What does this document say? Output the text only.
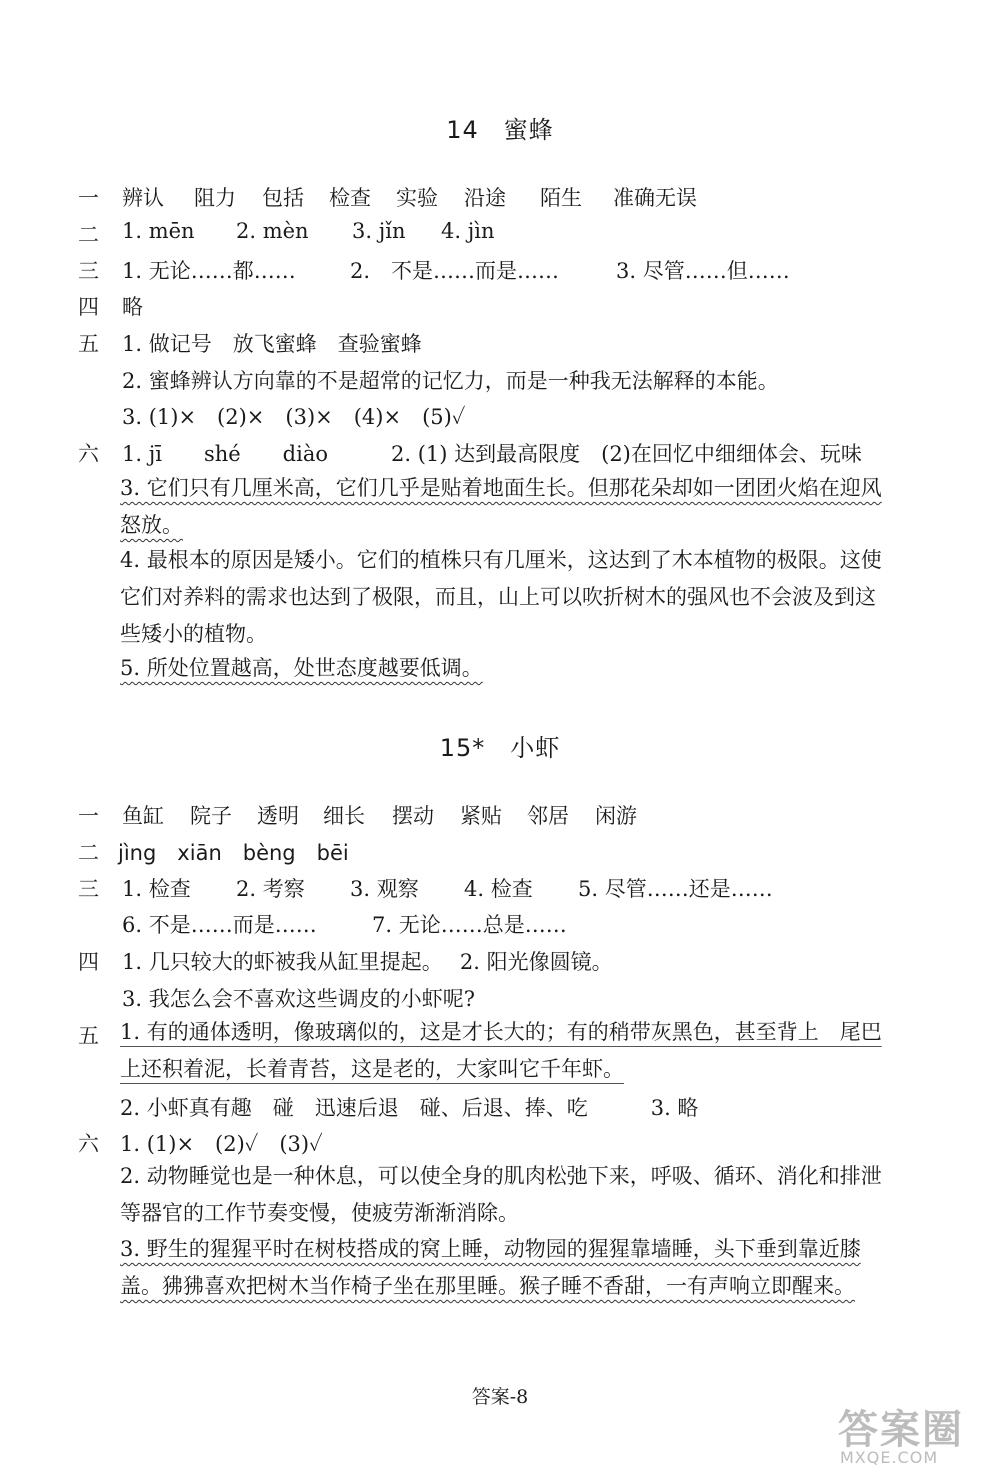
14　蜜蜂
一 辨认 阻力 包括 检查 实验 沿途 陌生 准确无误
二 1. mēn 2. mèn 3. jǐn 4. jìn
三 1. 无论……都……	2.　不是……而是……	3. 尽管……但……
四 略
五 1. 做记号　放飞蜜蜂　查验蜜蜂
2. 蜜蜂辨认方向靠的不是超常的记忆力，而是一种我无法解释的本能。
3. (1)×　(2)×　(3)×　(4)×　(5)✓
六 1. jī　　shé　　diào　　　2. (1) 达到最高限度　(2)在回忆中细细体会、玩味
3. 它们只有几厘米高，它们几乎是贴着地面生长。但那花朵却如一团团火焰在迎风怒放。
4. 最根本的原因是矮小。它们的植株只有几厘米，这达到了木本植物的极限。这使它们对养料的需求也达到了极限，而且，山上可以吹折树木的强风也不会波及到这些矮小的植物。
5. 所处位置越高，处世态度越要低调。
15*　小虾
一 鱼缸 院子 透明 细长 摆动 紧贴 邻居 闲游
二 jìng　xiān　bèng　bēi
三 1. 检查 2. 考察 3. 观察 4. 检查 5. 尽管……还是……
6. 不是……而是……	7. 无论……总是……
四 1. 几只较大的虾被我从缸里提起。　 2. 阳光像圆镜。
3. 我怎么会不喜欢这些调皮的小虾呢?
五 1. 有的通体透明，像玻璃似的，这是才长大的；有的稍带灰黑色，甚至背上　尾巴上还积着泥，长着青苔，这是老的，大家叫它千年虾。
2. 小虾真有趣　碰　迅速后退　碰、后退、捧、吃　　　3. 略
六 1. (1)×　(2)✓　(3)✓
2. 动物睡觉也是一种休息，可以使全身的肌肉松弛下来，呼吸、循环、消化和排泄等器官的工作节奏变慢，使疲劳渐渐消除。
3. 野生的猩猩平时在树枝搭成的窝上睡，动物园的猩猩靠墙睡，头下垂到靠近膝盖。狒狒喜欢把树木当作椅子坐在那里睡。猴子睡不香甜，一有声响立即醒来。
答案-8
答案圈
MXQE.COM
